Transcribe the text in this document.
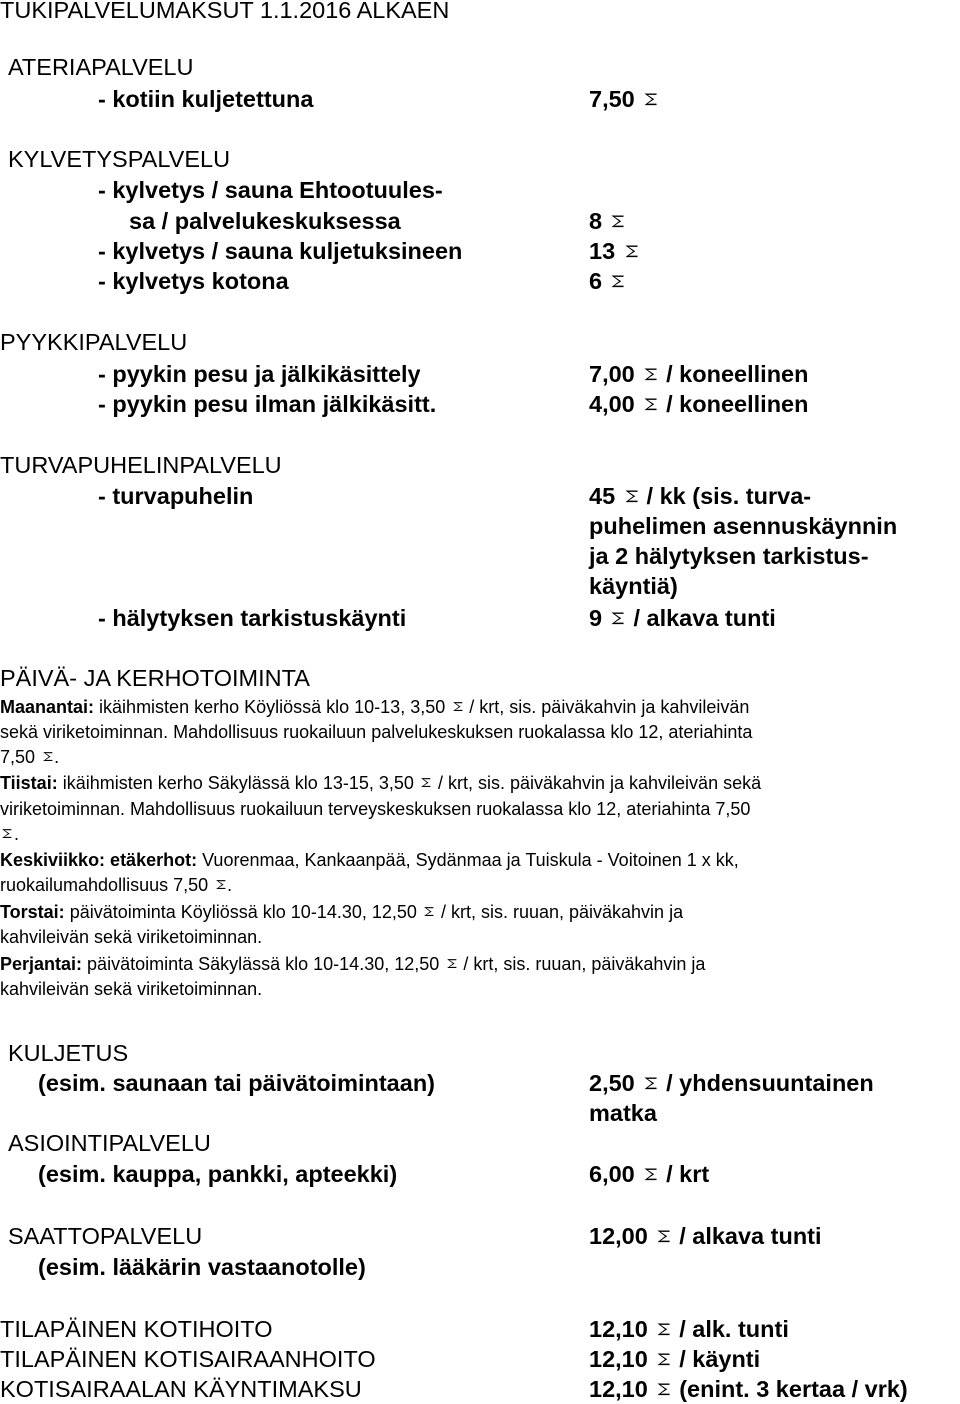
TUKIPALVELUMAKSUT 1.1.2016 ALKAEN
ATERIAPALVELU
- kotiin kuljetettuna	7,50
KYLVETYSPALVELU
- kylvetys / sauna Ehtootuules-
sa / palvelukeskuksessa	8
- kylvetys / sauna kuljetuksineen	13
- kylvetys kotona	6
PYYKKIPALVELU
- pyykin pesu ja jälkikäsittely	7,00 / koneellinen
- pyykin pesu ilman jälkikäsitt.	4,00 / koneellinen
TURVAPUHELINPALVELU
- turvapuhelin	45 / kk (sis. turva-
puhelimen asennuskäynnin
ja 2 hälytyksen tarkistus-
käyntiä)
- hälytyksen tarkistuskäynti	9 / alkava tunti
PÄIVÄ- JA KERHOTOIMINTA
Maanantai: ikäihmisten kerho Köyliössä klo 10-13, 3,50 / krt, sis. päiväkahvin ja kahvileivän
sekä viriketoiminnan. Mahdollisuus ruokailuun palvelukeskuksen ruokalassa klo 12, ateriahinta
7,50 .
Tiistai: ikäihmisten kerho Säkylässä klo 13-15, 3,50 / krt, sis. päiväkahvin ja kahvileivän sekä
viriketoiminnan. Mahdollisuus ruokailuun terveyskeskuksen ruokalassa klo 12, ateriahinta 7,50
.
Keskiviikko: etäkerhot: Vuorenmaa, Kankaanpää, Sydänmaa ja Tuiskula - Voitoinen 1 x kk,
ruokailumahdollisuus 7,50 .
Torstai: päivätoiminta Köyliössä klo 10-14.30, 12,50 / krt, sis. ruuan, päiväkahvin ja
kahvileivän sekä viriketoiminnan.
Perjantai: päivätoiminta Säkylässä klo 10-14.30, 12,50 / krt, sis. ruuan, päiväkahvin ja
kahvileivän sekä viriketoiminnan.
KULJETUS
(esim. saunaan tai päivätoimintaan)	2,50 / yhdensuuntainen
matka
ASIOINTIPALVELU
(esim. kauppa, pankki, apteekki)	6,00 / krt
SAATTOPALVELU	12,00 / alkava tunti
(esim. lääkärin vastaanotolle)
TILAPÄINEN KOTIHOITO	12,10 / alk. tunti
TILAPÄINEN KOTISAIRAANHOITO	12,10 / käynti
KOTISAIRAALAN KÄYNTIMAKSU	12,10 (enint. 3 kertaa / vrk)
